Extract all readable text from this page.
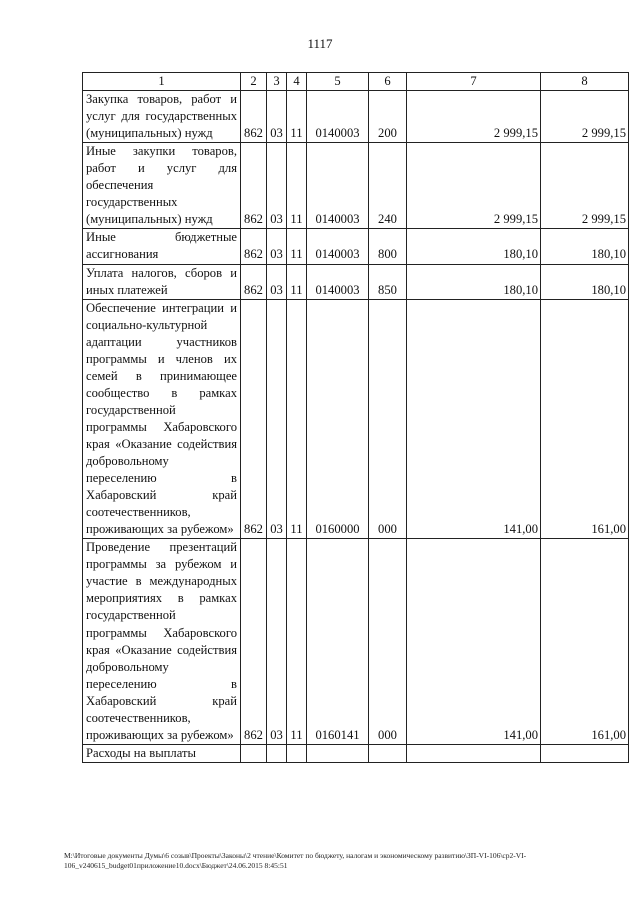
1117
1	2	3	4	5	6	7	8
Закупка товаров, работ и услуг для государственных (муниципальных) нужд	862	03	11	0140003	200	2 999,15	2 999,15
Иные закупки товаров, работ и услуг для обеспечения государственных (муниципальных) нужд	862	03	11	0140003	240	2 999,15	2 999,15
Иные бюджетные ассигнования	862	03	11	0140003	800	180,10	180,10
Уплата налогов, сборов и иных платежей	862	03	11	0140003	850	180,10	180,10
Обеспечение интеграции и социально-культурной адаптации участников программы и членов их семей в принимающее сообщество в рамках государственной программы Хабаровского края «Оказание содействия добровольному переселению в Хабаровский край соотечественников, проживающих за рубежом»	862	03	11	0160000	000	141,00	161,00
Проведение презентаций программы за рубежом и участие в международных мероприятиях в рамках государственной программы Хабаровского края «Оказание содействия добровольному переселению в Хабаровский край соотечественников, проживающих за рубежом»	862	03	11	0160141	000	141,00	161,00
Расходы на выплаты							
M:\Итоговые документы Думы\6 созыв\Проекты\Законы\2 чтение\Комитет по бюджету, налогам и экономическому развитию\ЗП-VI-106\ср2-VI-106_v240615_budget01приложение10.docx\Бюджет\24.06.2015 8:45:51
